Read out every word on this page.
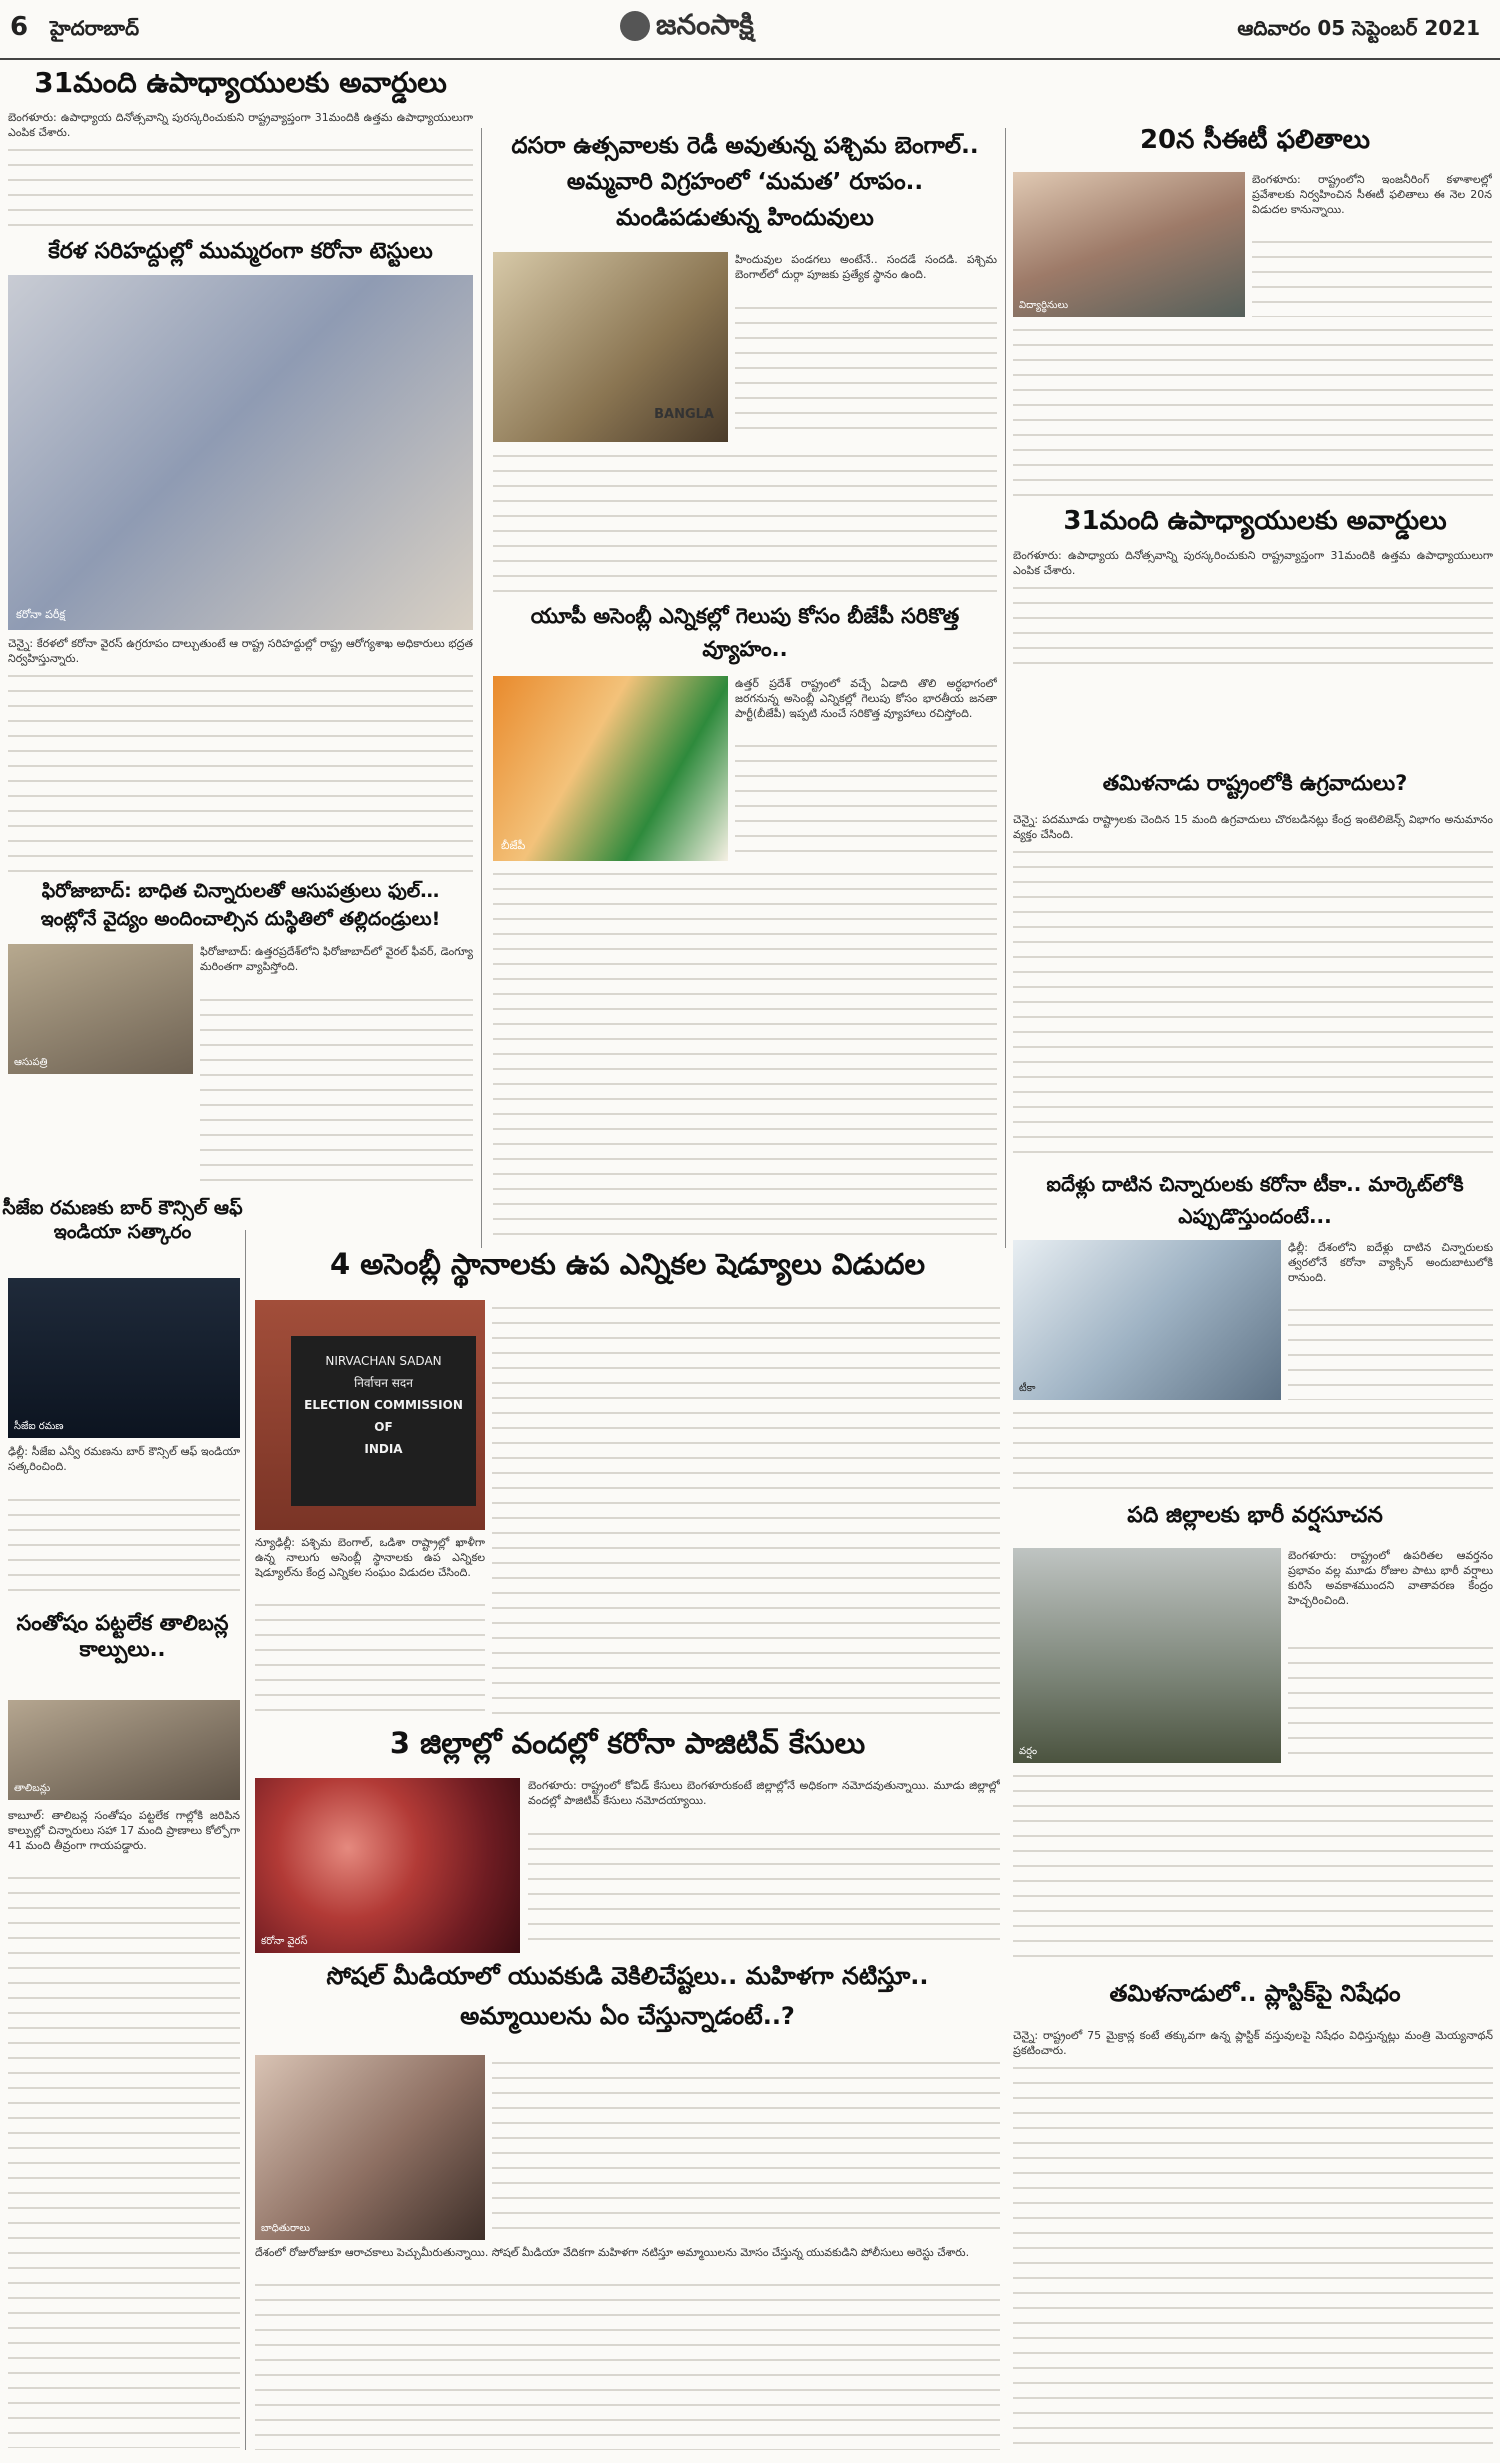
6 హైదరాబాద్	జనంసాక్షి	ఆదివారం 05 సెప్టెంబర్ 2021
31మంది ఉపాధ్యాయులకు అవార్డులు
బెంగళూరు: ఉపాధ్యాయ దినోత్సవాన్ని పురస్కరించుకుని రాష్ట్రవ్యాప్తంగా 31మందికి ఉత్తమ ఉపాధ్యాయులుగా ఎంపిక చేశారు.
కేరళ సరిహద్దుల్లో ముమ్మరంగా కరోనా టెస్టులు
కరోనా పరీక్ష
చెన్నై: కేరళలో కరోనా వైరస్ ఉగ్రరూపం దాల్చుతుంటే ఆ రాష్ట్ర సరిహద్దుల్లో రాష్ట్ర ఆరోగ్యశాఖ అధికారులు భద్రత నిర్వహిస్తున్నారు.
ఫిరోజాబాద్: బాధిత చిన్నారులతో ఆసుపత్రులు ఫుల్…
ఇంట్లోనే వైద్యం అందించాల్సిన దుస్థితిలో తల్లిదండ్రులు!
ఆసుపత్రి
ఫిరోజాబాద్: ఉత్తరప్రదేశ్‌లోని ఫిరోజాబాద్‌లో వైరల్ ఫీవర్, డెంగ్యూ మరింతగా వ్యాపిస్తోంది.
సీజేఐ రమణకు బార్ కౌన్సిల్ ఆఫ్ ఇండియా సత్కారం
సీజేఐ రమణ
ఢిల్లీ: సీజేఐ ఎన్వీ రమణను బార్ కౌన్సిల్ ఆఫ్ ఇండియా సత్కరించింది.
సంతోషం పట్టలేక తాలిబన్ల కాల్పులు..
తాలిబన్లు
కాబూల్: తాలిబన్ల సంతోషం పట్టలేక గాల్లోకి జరిపిన కాల్పుల్లో చిన్నారులు సహా 17 మంది ప్రాణాలు కోల్పోగా 41 మంది తీవ్రంగా గాయపడ్డారు.
దసరా ఉత్సవాలకు రెడీ అవుతున్న పశ్చిమ బెంగాల్.. అమ్మవారి విగ్రహంలో ‘మమత’ రూపం.. మండిపడుతున్న హిందువులు
BANGLA
హిందువుల పండగలు అంటేనే.. సందడే సందడి. పశ్చిమ బెంగాల్‌లో దుర్గా పూజకు ప్రత్యేక స్థానం ఉంది.
యూపీ అసెంబ్లీ ఎన్నికల్లో గెలుపు కోసం బీజేపీ సరికొత్త వ్యూహం..
బీజేపీ
ఉత్తర్ ప్రదేశ్ రాష్ట్రంలో వచ్చే ఏడాది తొలి అర్ధభాగంలో జరగనున్న అసెంబ్లీ ఎన్నికల్లో గెలుపు కోసం భారతీయ జనతా పార్టీ(బీజేపీ) ఇప్పటి నుంచే సరికొత్త వ్యూహాలు రచిస్తోంది.
20న సీఈటీ ఫలితాలు
విద్యార్థినులు
బెంగళూరు: రాష్ట్రంలోని ఇంజనీరింగ్ కళాశాలల్లో ప్రవేశాలకు నిర్వహించిన సీఈటీ ఫలితాలు ఈ నెల 20న విడుదల కానున్నాయి.
31మంది ఉపాధ్యాయులకు అవార్డులు
బెంగళూరు: ఉపాధ్యాయ దినోత్సవాన్ని పురస్కరించుకుని రాష్ట్రవ్యాప్తంగా 31మందికి ఉత్తమ ఉపాధ్యాయులుగా ఎంపిక చేశారు.
తమిళనాడు రాష్ట్రంలోకి ఉగ్రవాదులు?
చెన్నై: పదమూడు రాష్ట్రాలకు చెందిన 15 మంది ఉగ్రవాదులు చొరబడినట్లు కేంద్ర ఇంటెలిజెన్స్ విభాగం అనుమానం వ్యక్తం చేసింది.
ఐదేళ్లు దాటిన చిన్నారులకు కరోనా టీకా.. మార్కెట్‌లోకి ఎప్పుడొస్తుందంటే...
టీకా
ఢిల్లీ: దేశంలోని ఐదేళ్లు దాటిన చిన్నారులకు త్వరలోనే కరోనా వ్యాక్సిన్ అందుబాటులోకి రానుంది.
పది జిల్లాలకు భారీ వర్షసూచన
వర్షం
బెంగళూరు: రాష్ట్రంలో ఉపరితల ఆవర్తనం ప్రభావం వల్ల మూడు రోజుల పాటు భారీ వర్షాలు కురిసే అవకాశముందని వాతావరణ కేంద్రం హెచ్చరించింది.
తమిళనాడులో.. ప్లాస్టిక్‌పై నిషేధం
చెన్నై: రాష్ట్రంలో 75 మైక్రాన్ల కంటే తక్కువగా ఉన్న ప్లాస్టిక్ వస్తువులపై నిషేధం విధిస్తున్నట్లు మంత్రి మెయ్యనాథన్ ప్రకటించారు.
4 అసెంబ్లీ స్థానాలకు ఉప ఎన్నికల షెడ్యూలు విడుదల
NIRVACHAN SADAN
निर्वाचन सदन
ELECTION COMMISSION
OF
INDIA
న్యూఢిల్లీ: పశ్చిమ బెంగాల్, ఒడిశా రాష్ట్రాల్లో ఖాళీగా ఉన్న నాలుగు అసెంబ్లీ స్థానాలకు ఉప ఎన్నికల షెడ్యూల్‌ను కేంద్ర ఎన్నికల సంఘం విడుదల చేసింది.
3 జిల్లాల్లో వందల్లో కరోనా పాజిటివ్ కేసులు
కరోనా వైరస్
బెంగళూరు: రాష్ట్రంలో కోవిడ్ కేసులు బెంగళూరుకంటే జిల్లాల్లోనే అధికంగా నమోదవుతున్నాయి. మూడు జిల్లాల్లో వందల్లో పాజిటివ్ కేసులు నమోదయ్యాయి.
సోషల్ మీడియాలో యువకుడి వెకిలిచేష్టలు.. మహిళగా నటిస్తూ.. అమ్మాయిలను ఏం చేస్తున్నాడంటే..?
బాధితురాలు
దేశంలో రోజురోజుకూ ఆరాచకాలు పెచ్చుమీరుతున్నాయి. సోషల్ మీడియా వేదికగా మహిళగా నటిస్తూ అమ్మాయిలను మోసం చేస్తున్న యువకుడిని పోలీసులు అరెస్టు చేశారు.
